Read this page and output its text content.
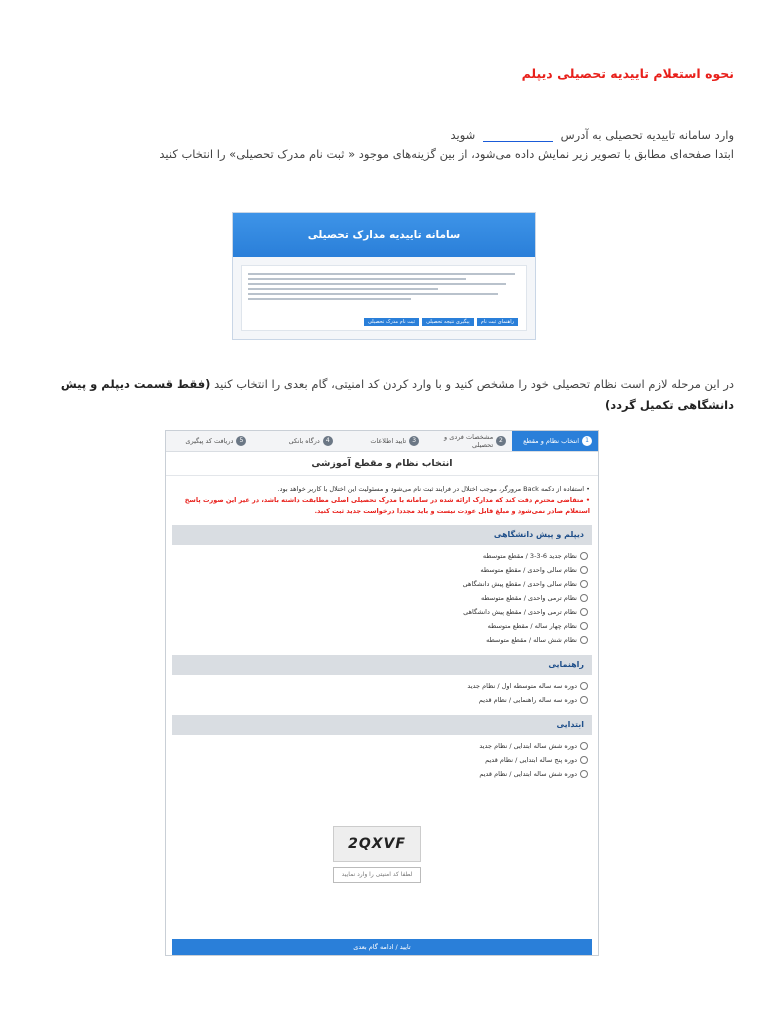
نحوه استعلام تاییدیه تحصیلی دیپلم
وارد سامانه تاییدیه تحصیلی به آدرس  شوید
ابتدا صفحه‌ای مطابق با تصویر زیر نمایش داده می‌شود، از بین گزینه‌های موجود « ثبت نام مدرک تحصیلی» را انتخاب کنید
در این مرحله لازم است نظام تحصیلی خود را مشخص کنید و با وارد کردن کد امنیتی، گام بعدی را انتخاب کنید (فقط قسمت دیپلم و پیش دانشگاهی تکمیل گردد)
سامانه تاییدیه مدارک تحصیلی
ثبت نام مدرک تحصیلی	پیگیری نتیجه تحصیلی	راهنمای ثبت نام
1
انتخاب نظام و مقطع
2
مشخصات فردی و تحصیلی
3
تایید اطلاعات
4
درگاه بانکی
5
دریافت کد پیگیری
انتخاب نظام و مقطع آموزشی
• استفاده از دکمه Back مرورگر، موجب اختلال در فرایند ثبت نام می‌شود و مسئولیت این اختلال با کاربر خواهد بود.
• متقاضی محترم دقت کند که مدارک ارائه شده در سامانه با مدرک تحصیلی اصلی مطابقت داشته باشد، در غیر این صورت پاسخ استعلام صادر نمی‌شود و مبلغ قابل عودت نیست و باید مجددا درخواست جدید ثبت کنید.
دیپلم و پیش دانشگاهی
نظام جدید 6-3-3 / مقطع متوسطه
نظام سالی واحدی / مقطع متوسطه
نظام سالی واحدی / مقطع پیش دانشگاهی
نظام ترمی واحدی / مقطع متوسطه
نظام ترمی واحدی / مقطع پیش دانشگاهی
نظام چهار ساله / مقطع متوسطه
نظام شش ساله / مقطع متوسطه
راهنمایی
دوره سه ساله متوسطه اول / نظام جدید
دوره سه ساله راهنمایی / نظام قدیم
ابتدایی
دوره شش ساله ابتدایی / نظام جدید
دوره پنج ساله ابتدایی / نظام قدیم
دوره شش ساله ابتدایی / نظام قدیم
2QXVF
لطفا کد امنیتی را وارد نمایید
تایید / ادامه گام بعدی
